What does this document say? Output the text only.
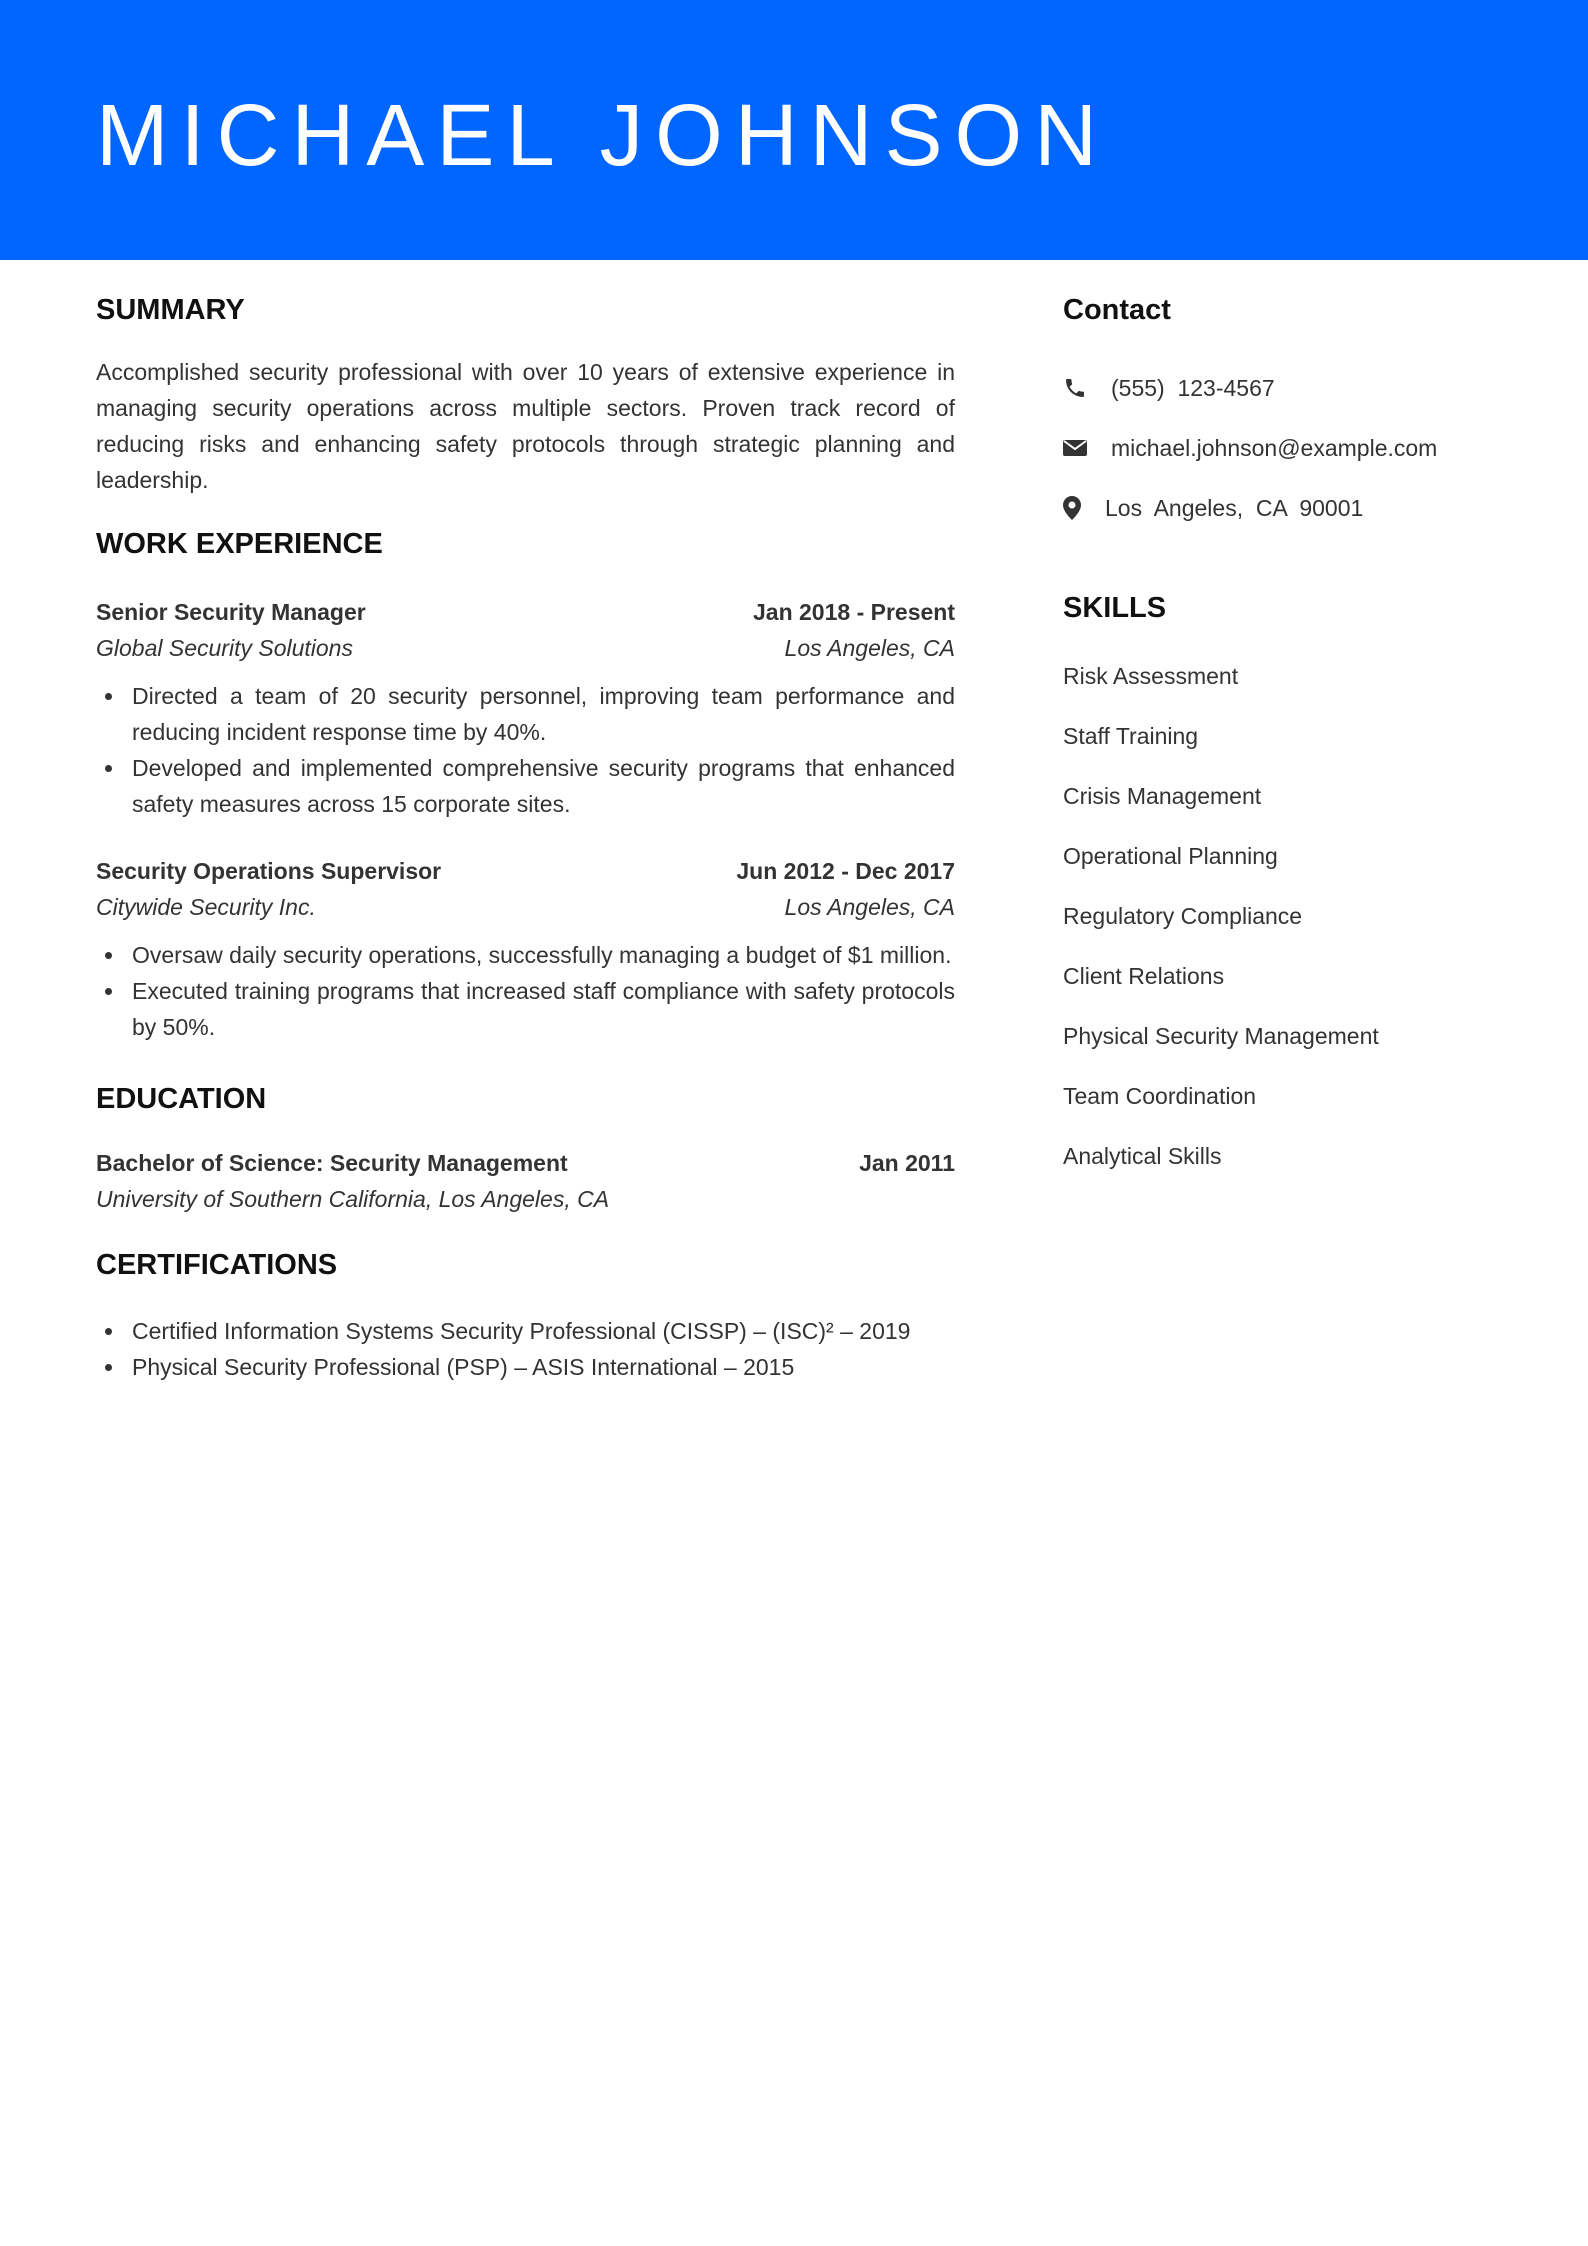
MICHAEL JOHNSON
SUMMARY

Accomplished security professional with over 10 years of extensive experience in managing security operations across multiple sectors. Proven track record of reducing risks and enhancing safety protocols through strategic planning and leadership.

WORK EXPERIENCE
Senior Security Manager	Jan 2018 - Present
Global Security Solutions	Los Angeles, CA
Directed a team of 20 security personnel, improving team performance and reducing incident response time by 40%.
Developed and implemented comprehensive security programs that enhanced safety measures across 15 corporate sites.
Security Operations Supervisor	Jun 2012 - Dec 2017
Citywide Security Inc.	Los Angeles, CA
Oversaw daily security operations, successfully managing a budget of $1 million.
Executed training programs that increased staff compliance with safety protocols by 50%.
EDUCATION
Bachelor of Science: Security Management	Jan 2011
University of Southern California, Los Angeles, CA
CERTIFICATIONS
Certified Information Systems Security Professional (CISSP) – (ISC)² – 2019
Physical Security Professional (PSP) – ASIS International – 2015
Contact
(555)  123-4567
michael.johnson@example.com
Los  Angeles,  CA  90001
SKILLS
Risk Assessment
Staff Training
Crisis Management
Operational Planning
Regulatory Compliance
Client Relations
Physical Security Management
Team Coordination
Analytical Skills
